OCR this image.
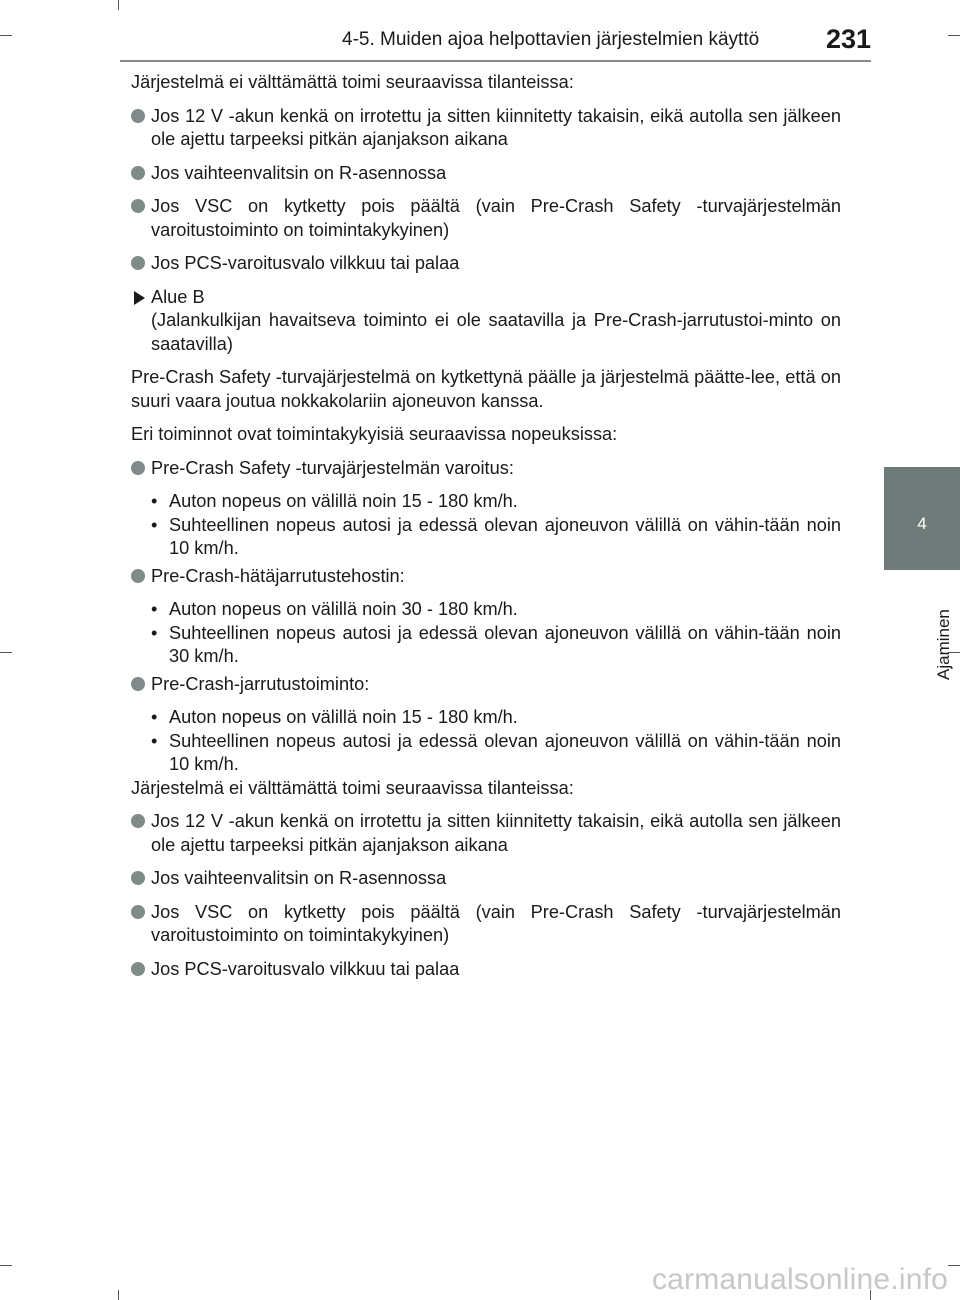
4-5. Muiden ajoa helpottavien järjestelmien käyttö 231
4
Ajaminen

Järjestelmä ei välttämättä toimi seuraavissa tilanteissa:

Jos 12 V -akun kenkä on irrotettu ja sitten kiinnitetty takaisin, eikä autolla sen jälkeen ole ajettu tarpeeksi pitkän ajanjakson aikana
Jos vaihteenvalitsin on R-asennossa
Jos VSC on kytketty pois päältä (vain Pre-Crash Safety -turvajärjestelmän varoitustoiminto on toimintakykyinen)
Jos PCS-varoitusvalo vilkkuu tai palaa
Alue B
(Jalankulkijan havaitseva toiminto ei ole saatavilla ja Pre-Crash-jarrutustoi-minto on saatavilla)

Pre-Crash Safety -turvajärjestelmä on kytkettynä päälle ja järjestelmä päätte-lee, että on suuri vaara joutua nokkakolariin ajoneuvon kanssa.

Eri toiminnot ovat toimintakykyisiä seuraavissa nopeuksissa:

Pre-Crash Safety -turvajärjestelmän varoitus:
• Auton nopeus on välillä noin 15 - 180 km/h.
• Suhteellinen nopeus autosi ja edessä olevan ajoneuvon välillä on vähin-tään noin 10 km/h.
Pre-Crash-hätäjarrutustehostin:
• Auton nopeus on välillä noin 30 - 180 km/h.
• Suhteellinen nopeus autosi ja edessä olevan ajoneuvon välillä on vähin-tään noin 30 km/h.
Pre-Crash-jarrutustoiminto:
• Auton nopeus on välillä noin 15 - 180 km/h.
• Suhteellinen nopeus autosi ja edessä olevan ajoneuvon välillä on vähin-tään noin 10 km/h.

Järjestelmä ei välttämättä toimi seuraavissa tilanteissa:

Jos 12 V -akun kenkä on irrotettu ja sitten kiinnitetty takaisin, eikä autolla sen jälkeen ole ajettu tarpeeksi pitkän ajanjakson aikana
Jos vaihteenvalitsin on R-asennossa
Jos VSC on kytketty pois päältä (vain Pre-Crash Safety -turvajärjestelmän varoitustoiminto on toimintakykyinen)
Jos PCS-varoitusvalo vilkkuu tai palaa
carmanualsonline.info
